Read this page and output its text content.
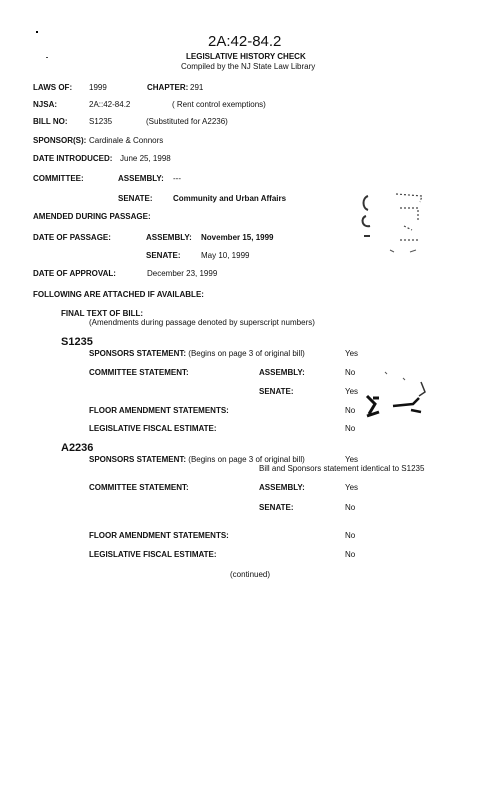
2A:42-84.2
LEGISLATIVE HISTORY CHECK
Compiled by the NJ State Law Library
LAWS OF: 1999	CHAPTER: 291
NJSA:	2A::42-84.2	( Rent control exemptions)
BILL NO:	S1235	(Substituted for A2236)
SPONSOR(S): Cardinale & Connors
DATE INTRODUCED: June 25, 1998
COMMITTEE:	ASSEMBLY: ---
SENATE:	Community and Urban Affairs
AMENDED DURING PASSAGE:
DATE OF PASSAGE:	ASSEMBLY: November 15, 1999
SENATE:	May 10, 1999
DATE OF APPROVAL:	December 23, 1999
FOLLOWING ARE ATTACHED IF AVAILABLE:
FINAL TEXT OF BILL:
(Amendments during passage denoted by superscript numbers)
S1235
SPONSORS STATEMENT: (Begins on page 3 of original bill)	Yes
COMMITTEE STATEMENT:	ASSEMBLY:	No
SENATE:	Yes
FLOOR AMENDMENT STATEMENTS:	No
LEGISLATIVE FISCAL ESTIMATE:	No
A2236
SPONSORS STATEMENT: (Begins on page 3 of original bill)	Yes
Bill and Sponsors statement identical to S1235
COMMITTEE STATEMENT:	ASSEMBLY:	Yes
SENATE:	No
FLOOR AMENDMENT STATEMENTS:	No
LEGISLATIVE FISCAL ESTIMATE:	No
(continued)
